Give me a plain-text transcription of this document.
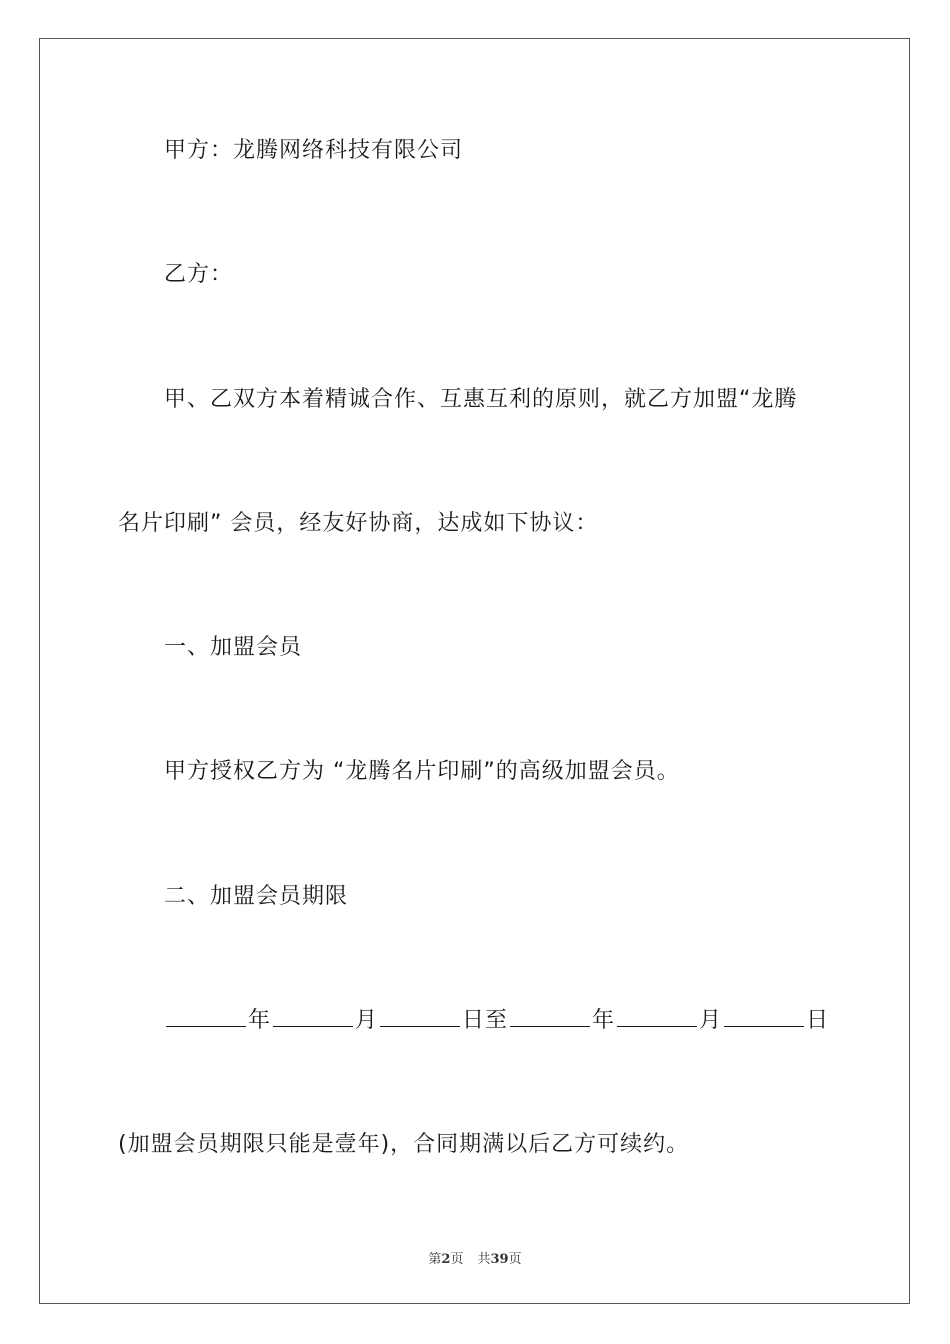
甲方：龙腾网络科技有限公司
乙方：
甲、乙双方本着精诚合作、互惠互利的原则，就乙方加盟“龙腾
名片印刷” 会员，经友好协商，达成如下协议：
一、加盟会员
甲方授权乙方为 “龙腾名片印刷”的高级加盟会员。
二、加盟会员期限
年	月	日至	年	月	日
(加盟会员期限只能是壹年)，合同期满以后乙方可续约。
第2页 共39页
